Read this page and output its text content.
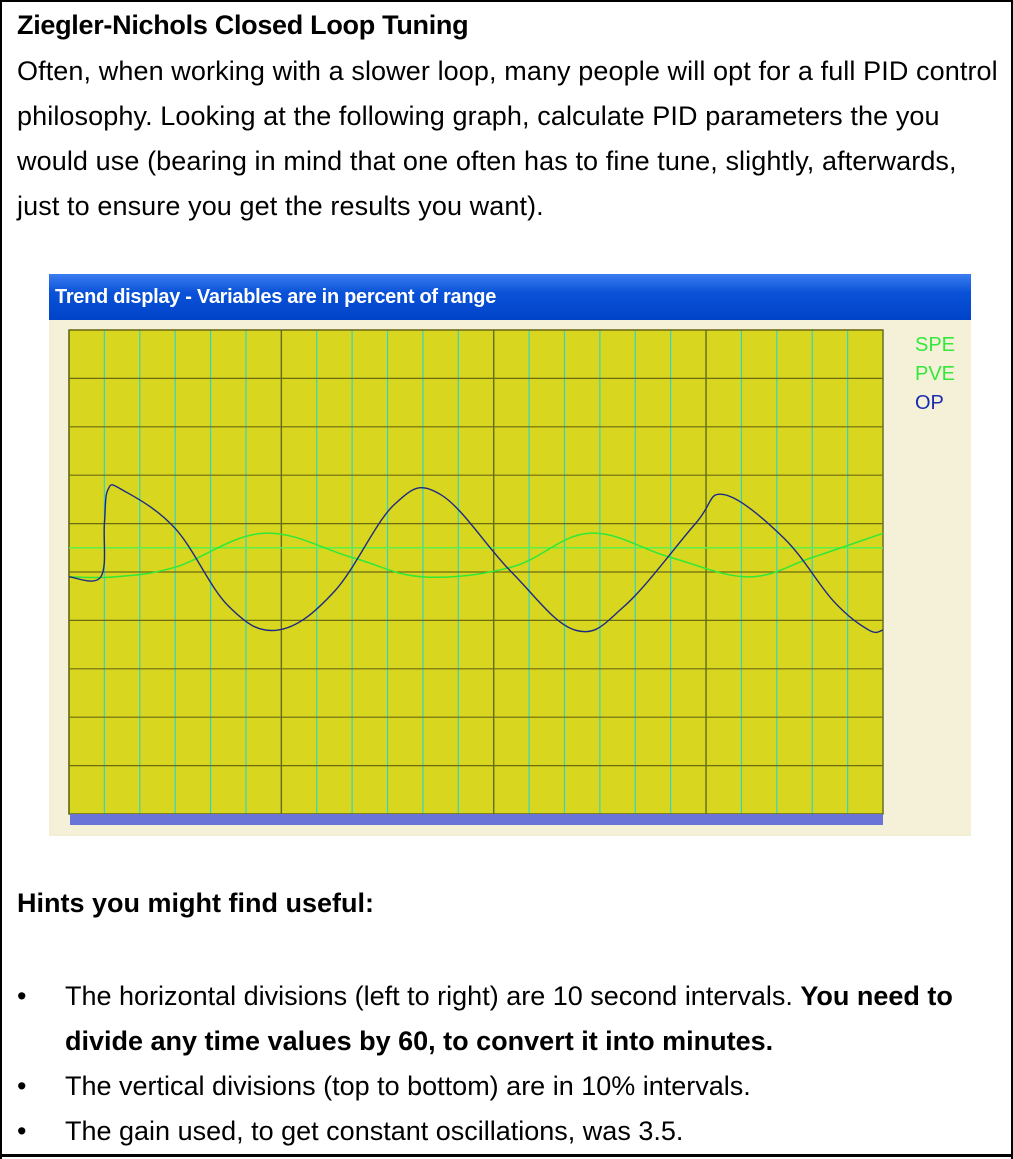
Ziegler-Nichols Closed Loop Tuning

Often, when working with a slower loop, many people will opt for a full PID control philosophy. Looking at the following graph, calculate PID parameters the you would use (bearing in mind that one often has to fine tune, slightly, afterwards, just to ensure you get the results you want).

Trend display - Variables are in percent of range
SPE
PVE
OP
Hints you might find useful:
• The horizontal divisions (left to right) are 10 second intervals. You need to divide any time values by 60, to convert it into minutes.
• The vertical divisions (top to bottom) are in 10% intervals.
• The gain used, to get constant oscillations, was 3.5.
